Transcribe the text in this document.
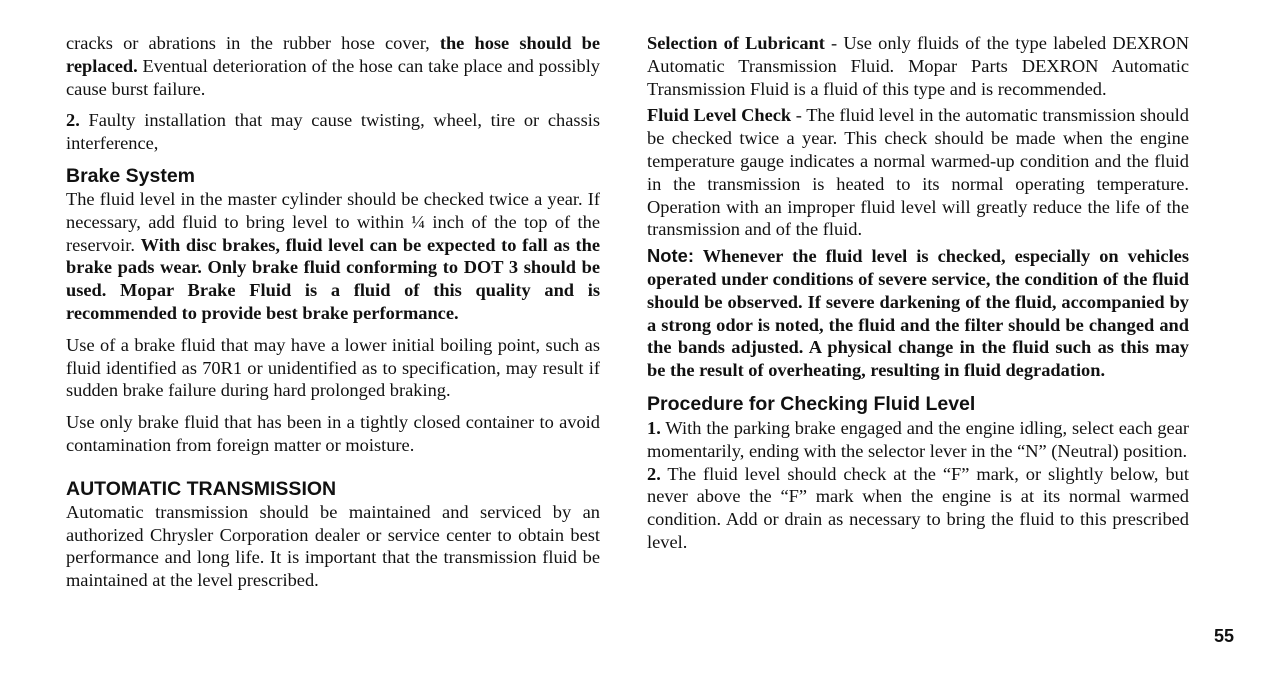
cracks or abrations in the rubber hose cover, the hose should be replaced. Eventual deterioration of the hose can take place and possibly cause burst failure.

2. Faulty installation that may cause twisting, wheel, tire or chassis interference,

Brake System

The fluid level in the master cylinder should be checked twice a year. If necessary, add fluid to bring level to within ¼ inch of the top of the reservoir. With disc brakes, fluid level can be expected to fall as the brake pads wear. Only brake fluid conforming to DOT 3 should be used. Mopar Brake Fluid is a fluid of this quality and is recommended to provide best brake performance.

Use of a brake fluid that may have a lower initial boiling point, such as fluid identified as 70R1 or unidentified as to specification, may result if sudden brake failure during hard prolonged braking.

Use only brake fluid that has been in a tightly closed container to avoid contamination from foreign matter or moisture.

AUTOMATIC TRANSMISSION

Automatic transmission should be maintained and serviced by an authorized Chrysler Corporation dealer or service center to obtain best performance and long life. It is important that the transmission fluid be maintained at the level prescribed.

Selection of Lubricant - Use only fluids of the type labeled DEXRON Automatic Transmission Fluid. Mopar Parts DEXRON Automatic Transmission Fluid is a fluid of this type and is recommended.

Fluid Level Check - The fluid level in the automatic transmission should be checked twice a year. This check should be made when the engine temperature gauge indicates a normal warmed-up condition and the fluid in the transmission is heated to its normal operating temperature. Operation with an improper fluid level will greatly reduce the life of the transmission and of the fluid.

Note: Whenever the fluid level is checked, especially on vehicles operated under conditions of severe service, the condition of the fluid should be observed. If severe darkening of the fluid, accompanied by a strong odor is noted, the fluid and the filter should be changed and the bands adjusted. A physical change in the fluid such as this may be the result of overheating, resulting in fluid degradation.

Procedure for Checking Fluid Level

1. With the parking brake engaged and the engine idling, select each gear momentarily, ending with the selector lever in the “N” (Neutral) position.

2. The fluid level should check at the “F” mark, or slightly below, but never above the “F” mark when the engine is at its normal warmed condition. Add or drain as necessary to bring the fluid to this prescribed level.

55
